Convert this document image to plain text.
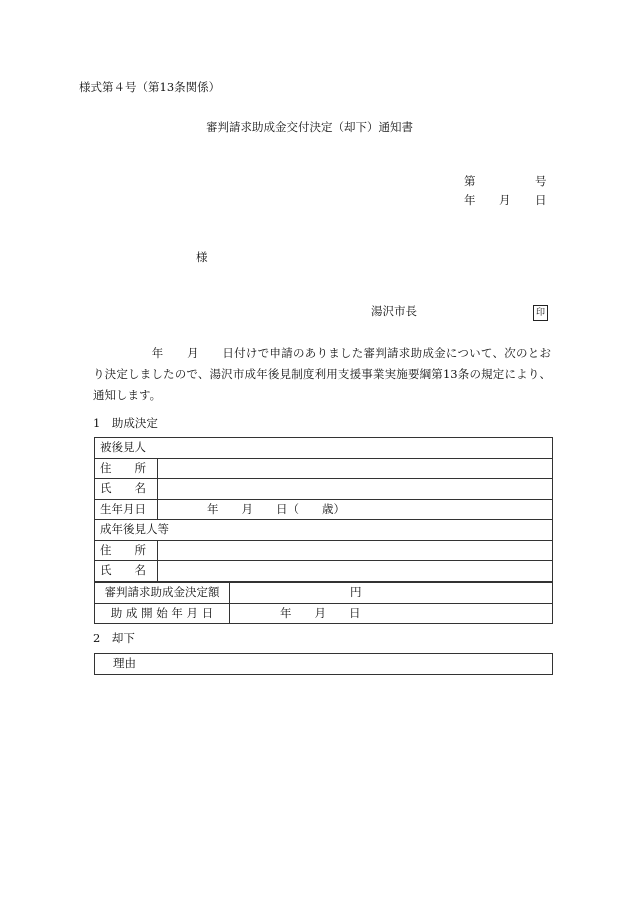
様式第４号（第13条関係）
審判請求助成金交付決定（却下）通知書
第	号
年 月 日
様
湯沢市長	印
　　　　　年　　月　　日付けで申請のありました審判請求助成金について、次のとおり決定しましたので、湯沢市成年後見制度利用支援事業実施要綱第13条の規定により、通知します。
1　助成決定
被後見人	
住　　所	
氏　　名	
生年月日	年　　月　　日（　　歳）
成年後見人等	
住　　所	
氏　　名	
審判請求助成金決定額	円
助 成 開 始 年 月 日	年　　月　　日
2　却下
理由
